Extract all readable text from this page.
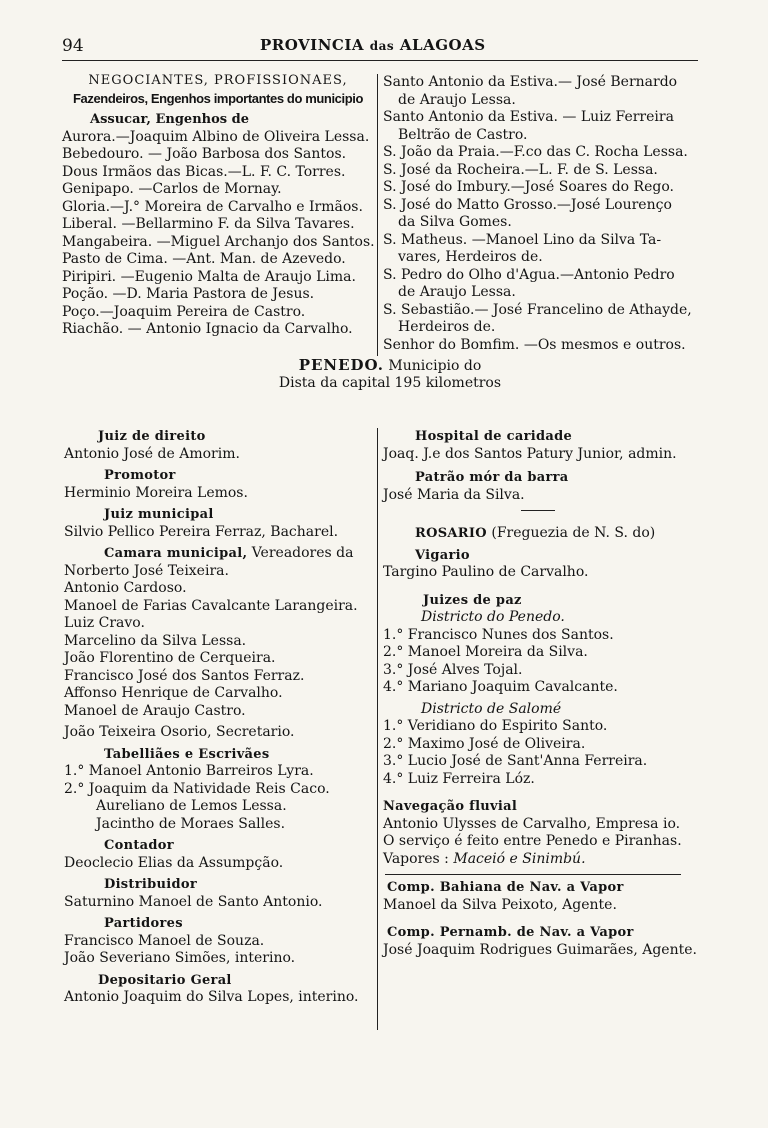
94	PROVINCIA das ALAGOAS
NEGOCIANTES, PROFISSIONAES,
Fazendeiros, Engenhos importantes do municipio
Assucar, Engenhos de
Aurora.—Joaquim Albino de Oliveira Lessa.
Bebedouro. — João Barbosa dos Santos.
Dous Irmãos das Bicas.—L. F. C. Torres.
Genipapo. —Carlos de Mornay.
Gloria.—J.° Moreira de Carvalho e Irmãos.
Liberal. —Bellarmino F. da Silva Tavares.
Mangabeira. —Miguel Archanjo dos Santos.
Pasto de Cima. —Ant. Man. de Azevedo.
Piripiri. —Eugenio Malta de Araujo Lima.
Poção. —D. Maria Pastora de Jesus.
Poço.—Joaquim Pereira de Castro.
Riachão. — Antonio Ignacio da Carvalho.
Santo Antonio da Estiva.— José Bernardo
de Araujo Lessa.
Santo Antonio da Estiva. — Luiz Ferreira
Beltrão de Castro.
S. João da Praia.—F.co das C. Rocha Lessa.
S. José da Rocheira.—L. F. de S. Lessa.
S. José do Imbury.—José Soares do Rego.
S. José do Matto Grosso.—José Lourenço
da Silva Gomes.
S. Matheus. —Manoel Lino da Silva Ta-
vares, Herdeiros de.
S. Pedro do Olho d'Agua.—Antonio Pedro
de Araujo Lessa.
S. Sebastião.— José Francelino de Athayde,
Herdeiros de.
Senhor do Bomfim. —Os mesmos e outros.
PENEDO. Municipio do
Dista da capital 195 kilometros
Juiz de direito
Antonio José de Amorim.
Promotor
Herminio Moreira Lemos.
Juiz municipal
Silvio Pellico Pereira Ferraz, Bacharel.
Camara municipal, Vereadores da
Norberto José Teixeira.
Antonio Cardoso.
Manoel de Farias Cavalcante Larangeira.
Luiz Cravo.
Marcelino da Silva Lessa.
João Florentino de Cerqueira.
Francisco José dos Santos Ferraz.
Affonso Henrique de Carvalho.
Manoel de Araujo Castro.
João Teixeira Osorio, Secretario.
Tabelliães e Escrivães
1.° Manoel Antonio Barreiros Lyra.
2.° Joaquim da Natividade Reis Caco.
Aureliano de Lemos Lessa.
Jacintho de Moraes Salles.
Contador
Deoclecio Elias da Assumpção.
Distribuidor
Saturnino Manoel de Santo Antonio.
Partidores
Francisco Manoel de Souza.
João Severiano Simões, interino.
Depositario Geral
Antonio Joaquim do Silva Lopes, interino.
Hospital de caridade
Joaq. J.e dos Santos Patury Junior, admin.
Patrão mór da barra
José Maria da Silva.
ROSARIO (Freguezia de N. S. do)
Vigario
Targino Paulino de Carvalho.
Juizes de paz
Districto do Penedo.
1.° Francisco Nunes dos Santos.
2.° Manoel Moreira da Silva.
3.° José Alves Tojal.
4.° Mariano Joaquim Cavalcante.
Districto de Salomé
1.° Veridiano do Espirito Santo.
2.° Maximo José de Oliveira.
3.° Lucio José de Sant'Anna Ferreira.
4.° Luiz Ferreira Lóz.
Navegação fluvial
Antonio Ulysses de Carvalho, Empresa io.
O serviço é feito entre Penedo e Piranhas.
Vapores : Maceió e Sinimbú.
Comp. Bahiana de Nav. a Vapor
Manoel da Silva Peixoto, Agente.
Comp. Pernamb. de Nav. a Vapor
José Joaquim Rodrigues Guimarães, Agente.
